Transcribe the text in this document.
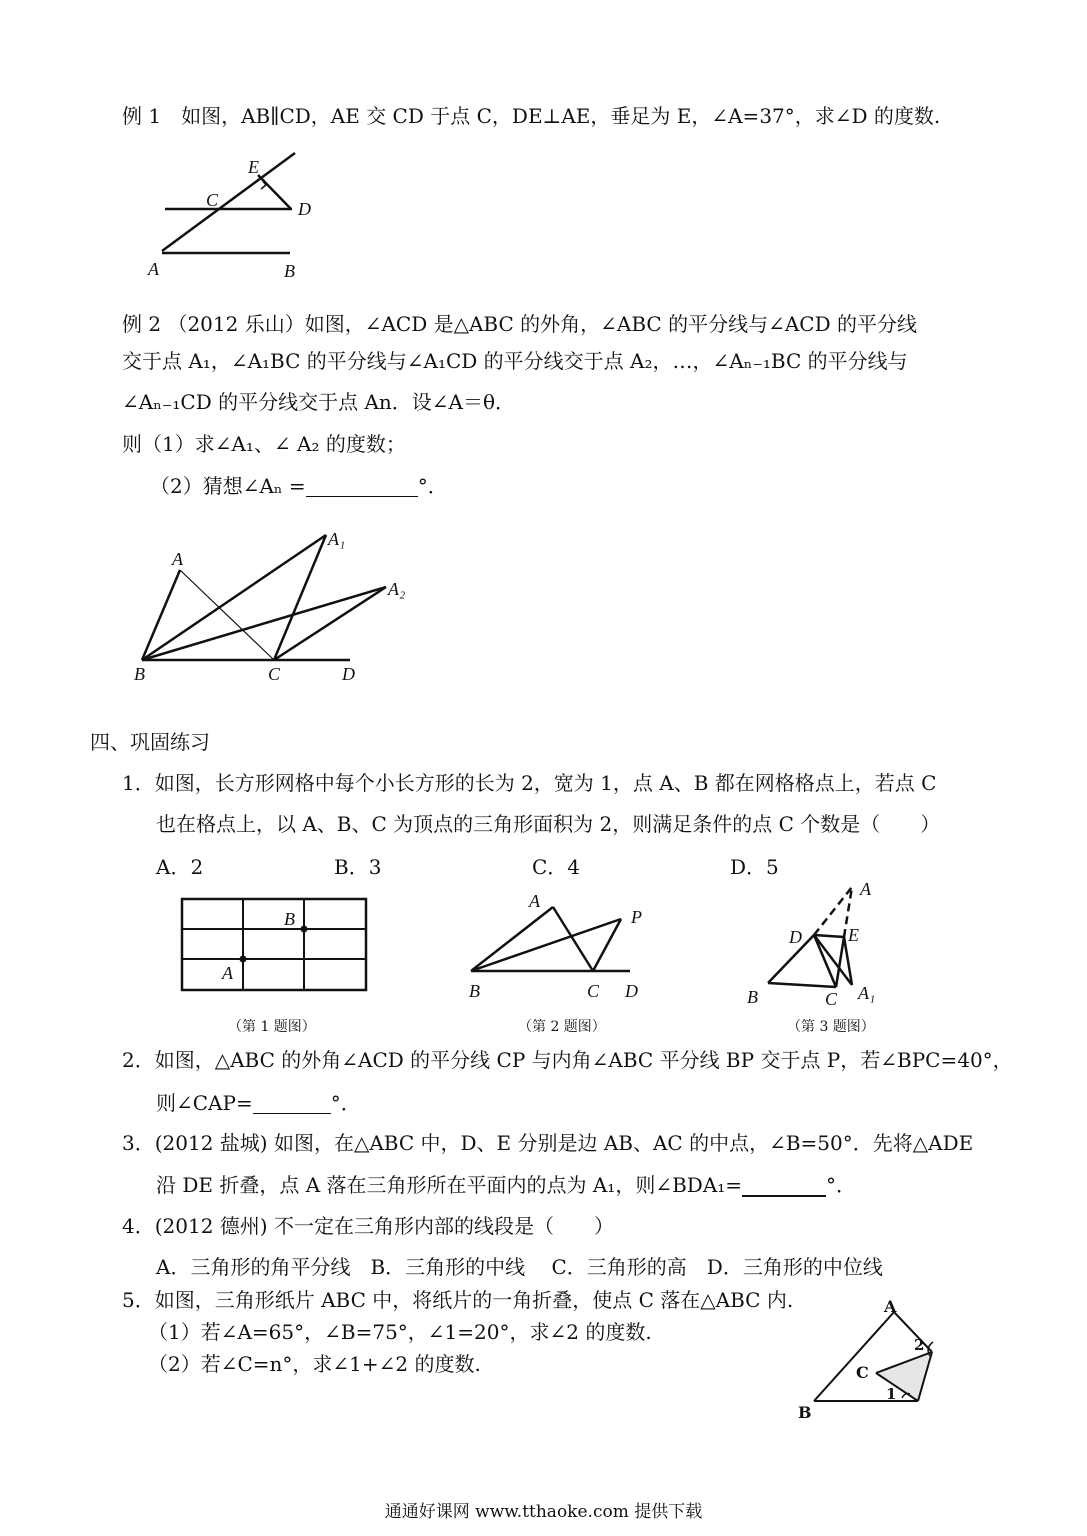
例 1　如图，AB∥CD，AE 交 CD 于点 C，DE⊥AE，垂足为 E，∠A=37°，求∠D 的度数.
E
C	D
A	B
例 2 （2012 乐山）如图，∠ACD 是△ABC 的外角，∠ABC 的平分线与∠ACD 的平分线
交于点 A₁，∠A₁BC 的平分线与∠A₁CD 的平分线交于点 A₂，…，∠Aₙ₋₁BC 的平分线与
∠Aₙ₋₁CD 的平分线交于点 An．设∠A＝θ．
则（1）求∠A₁、∠ A₂ 的度数；
（2）猜想∠Aₙ =	°．
A
A₁
A₂
B	C	D
四、巩固练习
1．如图，长方形网格中每个小长方形的长为 2，宽为 1，点 A、B 都在网格格点上，若点 C
也在格点上，以 A、B、C 为顶点的三角形面积为 2，则满足条件的点 C 个数是（　　）
A．2	B．3	C．4	D．5
B
A
（第 1 题图）
A
P
B	C D
（第 2 题图）
A
D	E
B	C A₁
（第 3 题图）
2．如图，△ABC 的外角∠ACD 的平分线 CP 与内角∠ABC 平分线 BP 交于点 P，若∠BPC=40°，
则∠CAP=	°．
3．(2012 盐城) 如图，在△ABC 中，D、E 分别是边 AB、AC 的中点，∠B=50°．先将△ADE
沿 DE 折叠，点 A 落在三角形所在平面内的点为 A₁，则∠BDA₁=	°．
4．(2012 德州) 不一定在三角形内部的线段是（　　）
A．三角形的角平分线　B．三角形的中线　 C．三角形的高　D．三角形的中位线
5．如图，三角形纸片 ABC 中，将纸片的一角折叠，使点 C 落在△ABC 内.
（1）若∠A=65°，∠B=75°，∠1=20°，求∠2 的度数.
（2）若∠C=n°，求∠1+∠2 的度数.
A
2
C
1
B
通通好课网 www.tthaoke.com 提供下载
